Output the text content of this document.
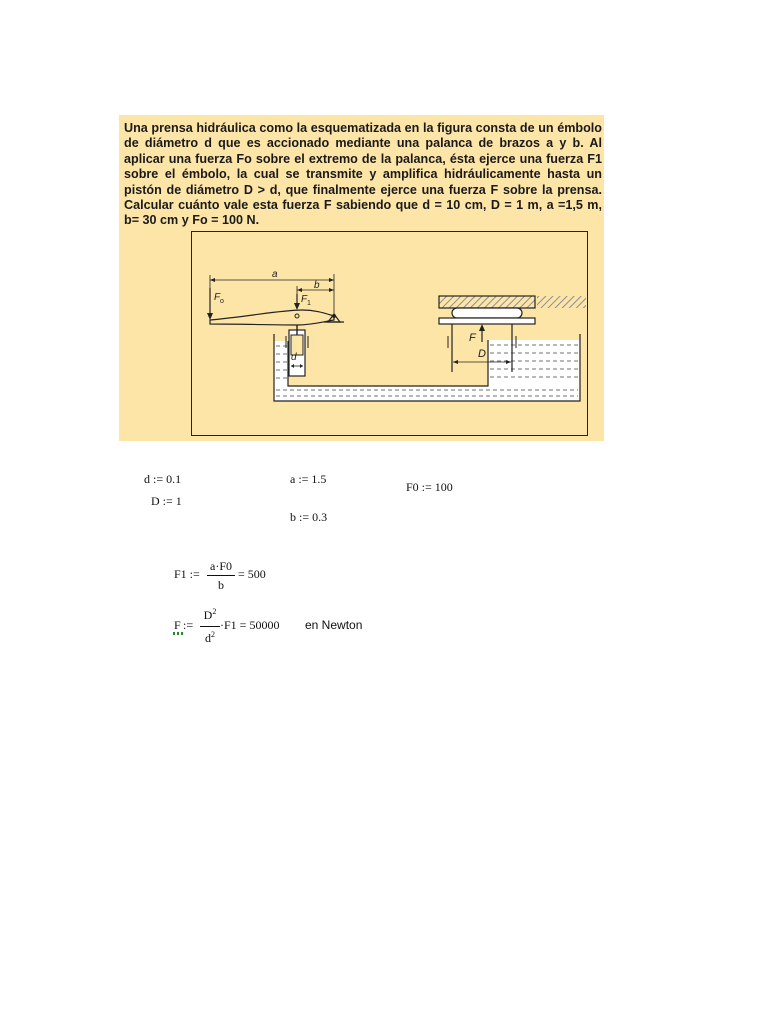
Una prensa hidráulica como la esquematizada en la figura consta de un émbolo de diámetro d que es accionado mediante una palanca de brazos a y b. Al aplicar una fuerza Fo sobre el extremo de la palanca, ésta ejerce una fuerza F1 sobre el émbolo, la cual se transmite y amplifica hidráulicamente hasta un pistón de diámetro D > d, que finalmente ejerce una fuerza F sobre la prensa. Calcular cuánto vale esta fuerza F sabiendo que d = 10 cm, D = 1 m, a =1,5 m, b= 30 cm y Fo = 100 N.

a
b
F o	F 1
d
F
D
d := 0.1
D := 1
a := 1.5
b := 0.3
F0 := 100
F1 :=
a·F0
b
= 500
F :=
$D^2$
$d^2$
·F1 = 50000 en Newton
